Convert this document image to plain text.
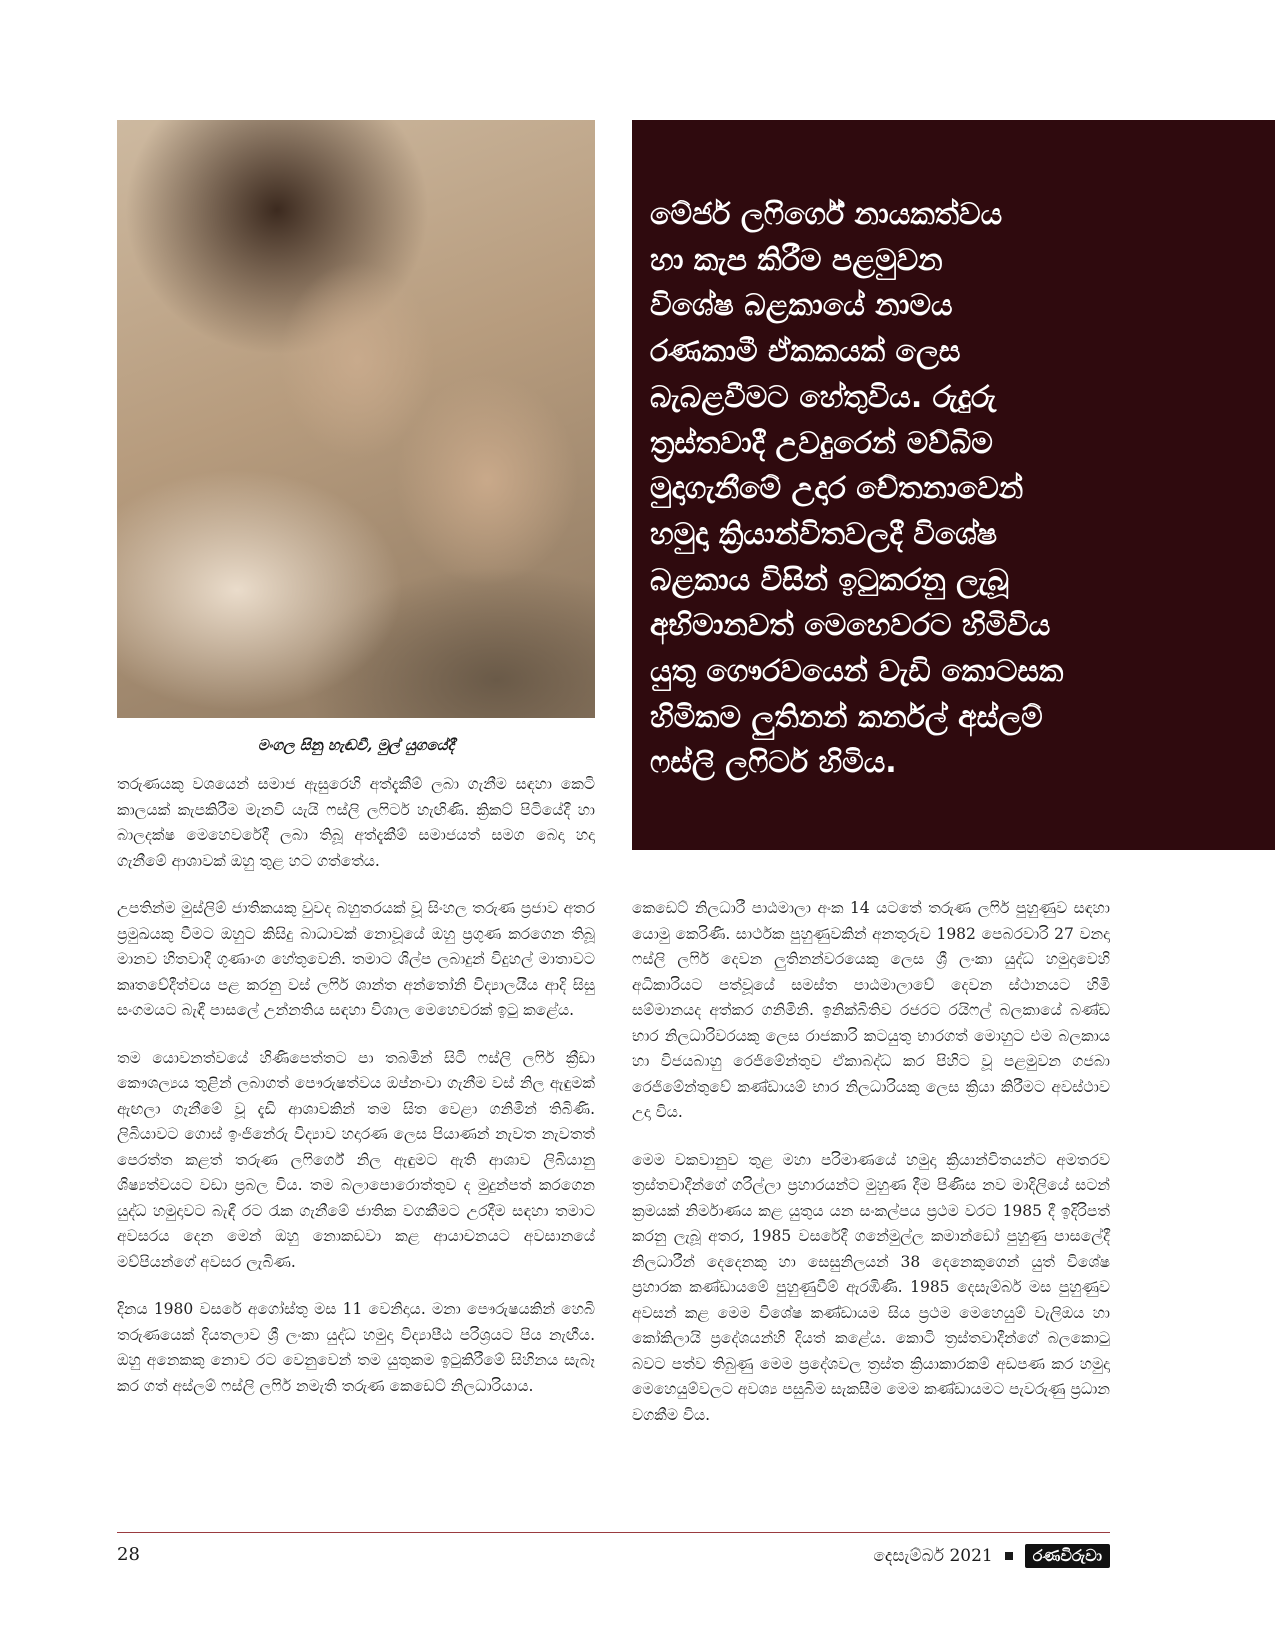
මංගල සිනු හැඬවී, මුල් යුගයේදී
මේජර් ලෆිර්ගේ නායකත්වය
හා කැප කිරීම පළමුවන
විශේෂ බළකායේ නාමය
රණකාමී ඒකකයක් ලෙස
බැබළවීමට හේතුවිය. රුදුරු
ත්‍රස්තවාදී උවදුරෙන් මව්බිම
මුදාගැනීමේ උදාර චේතනාවෙන්
හමුදා ක්‍රියාන්විතවලදී විශේෂ
බළකාය විසින් ඉටුකරනු ලැබූ
අභිමානවත් මෙහෙවරට හිමිවිය
යුතු ගෞරවයෙන් වැඩි කොටසක
හිමිකම ලුතිනන් කර්නල් අස්ලම්
ෆස්ලි ලෆිර්ට හිමිය.

තරුණයකු වශයෙන් සමාජ ඇසුරෙහි අත්දැකීම් ලබා ගැනීම සඳහා කෙටි කාලයක් කැපකිරීම මැනවි යැයි ෆස්ලි ලෆිර්ට හැඟිණි. ක්‍රිකට් පිටියේදී හා බාලදක්ෂ මෙහෙවරේදී ලබා තිබූ අත්දැකීම් සමාජයත් සමග බෙදා හදා ගැනීමේ ආශාවක් ඔහු තුළ හට ගත්තේය.

උපතින්ම මුස්ලිම් ජාතිකයකු වුවද බහුතරයක් වූ සිංහල තරුණ ප්‍රජාව අතර ප්‍රමුඛයකු වීමට ඔහුට කිසිදු බාධාවක් නොවූයේ ඔහු ප්‍රගුණ කරගෙන තිබූ මානව හිතවාදී ගුණාංග හේතුවෙනි. තමාට ශිල්ප ලබාදුන් විදුහල් මාතාවට කෘතවේදීත්වය පළ කරනු වස් ලෆිර් ශාන්ත අන්තෝනි විද්‍යාලයීය ආදි සිසු සංගමයට බැඳී පාසලේ උන්නතිය සඳහා විශාල මෙහෙවරක් ඉටු කළේය.

තම යොවනත්වයේ හිණිපෙත්තට පා තබමින් සිටි ෆස්ලි ලෆිර් ක්‍රීඩා කෞශල්‍යය තුළින් ලබාගත් පෞරුෂත්වය ඔප්නංවා ගැනීම වස් නිල ඇඳුමක් ඇඟලා ගැනීමේ වූ දැඩි ආශාවකින් තම සිත වෙළා ගනිමින් තිබිණි. ලිබියාවට ගොස් ඉංජිනේරු විද්‍යාව හදාරණ ලෙස පියාණන් නැවත නැවතත් පෙරත්ත කළත් තරුණ ලෆිර්ගේ නිල ඇඳුමට ඇති ආශාව ලිබියානු ශිෂ්‍යත්වයට වඩා ප්‍රබල විය. තම බලාපොරොත්තුව ද මුදුන්පත් කරගෙන යුද්ධ හමුදාවට බැඳී රට රැක ගැනීමේ ජාතික වගකීමට උරදීම සඳහා තමාට අවසරය දෙන මෙන් ඔහු නොකඩවා කළ ආයාචනයට අවසානයේ මව්පියන්ගේ අවසර ලැබිණ.

දිනය 1980 වසරේ අගෝස්තු මස 11 වෙනිදාය. මනා පෞරුෂයකින් හෙබි තරුණයෙක් දියතලාව ශ්‍රී ලංකා යුද්ධ හමුදා විද්‍යාපීඨ පරිශ්‍රයට පිය නැඟීය. ඔහු අනෙකකු නොව රට වෙනුවෙන් තම යුතුකම ඉටුකිරීමේ සිහිනය සැබෑ කර ගත් අස්ලම් ෆස්ලි ලෆිර් නමැති තරුණ කෙඩෙට් නිලධාරියාය.

කෙඩෙට් නිලධාරී පාඨමාලා අංක 14 යටතේ තරුණ ලෆිර් පුහුණුව සඳහා යොමු කෙරිණි. සාර්ථක පුහුණුවකින් අනතුරුව 1982 පෙබරවාරි 27 වනදා ෆස්ලි ලෆිර් දෙවන ලුතිනන්වරයෙකු ලෙස ශ්‍රී ලංකා යුද්ධ හමුදාවෙහි අධිකාරියට පත්වූයේ සමස්ත පාඨමාලාවේ දෙවන ස්ථානයට හිමි සම්මානයද අත්කර ගනිමිනි. ඉනික්බිතිව රජරට රයිෆල් බලකායේ බණ්ඩ භාර නිලධාරිවරයකු ලෙස රාජකාරි කටයුතු භාරගත් මොහුට එම බලකාය හා විජයබාහු රෙජිමේන්තුව ඒකාබද්ධ කර පිහිට වූ පළමුවන ගජබා රෙජිමේන්තුවේ කණ්ඩායම් භාර නිලධාරියකු ලෙස ක්‍රියා කිරීමට අවස්ථාව උදා විය.

මෙම වකවානුව තුළ මහා පරිමාණයේ හමුදා ක්‍රියාන්විතයන්ට අමතරව ත්‍රස්තවාදීන්ගේ ගරිල්ලා ප්‍රහාරයන්ට මුහුණ දීම පිණිස නව මාදිලියේ සටන් ක්‍රමයක් නිර්මාණය කළ යුතුය යන සංකල්පය ප්‍රථම වරට 1985 දී ඉදිරිපත් කරනු ලැබූ අතර, 1985 වසරේදී ගනේමුල්ල කමාන්ඩෝ පුහුණු පාසලේදී නිලධාරීන් දෙදෙනකු හා සෙසුනිලයන් 38 දෙනෙකුගෙන් යුත් විශේෂ ප්‍රහාරක කණ්ඩායමේ පුහුණුවීම් ඇරඹිණි. 1985 දෙසැම්බර් මස පුහුණුව අවසන් කළ මෙම විශේෂ කණ්ඩායම සිය ප්‍රථම මෙහෙයුම් වැලිඔය හා කෝකිලායි ප්‍රදේශයන්හි දියත් කළේය. කොටි ත්‍රස්තවාදීන්ගේ බලකොටු බවට පත්ව තිබුණු මෙම ප්‍රදේශවල ත්‍රස්ත ක්‍රියාකාරකම් අඩපණ කර හමුදා මෙහෙයුම්වලට අවශ්‍ය පසුබිම සැකසීම මෙම කණ්ඩායමට පැවරුණු ප්‍රධාන වගකීම විය.

28	දෙසැම්බර් 2021	රණවිරුවා
